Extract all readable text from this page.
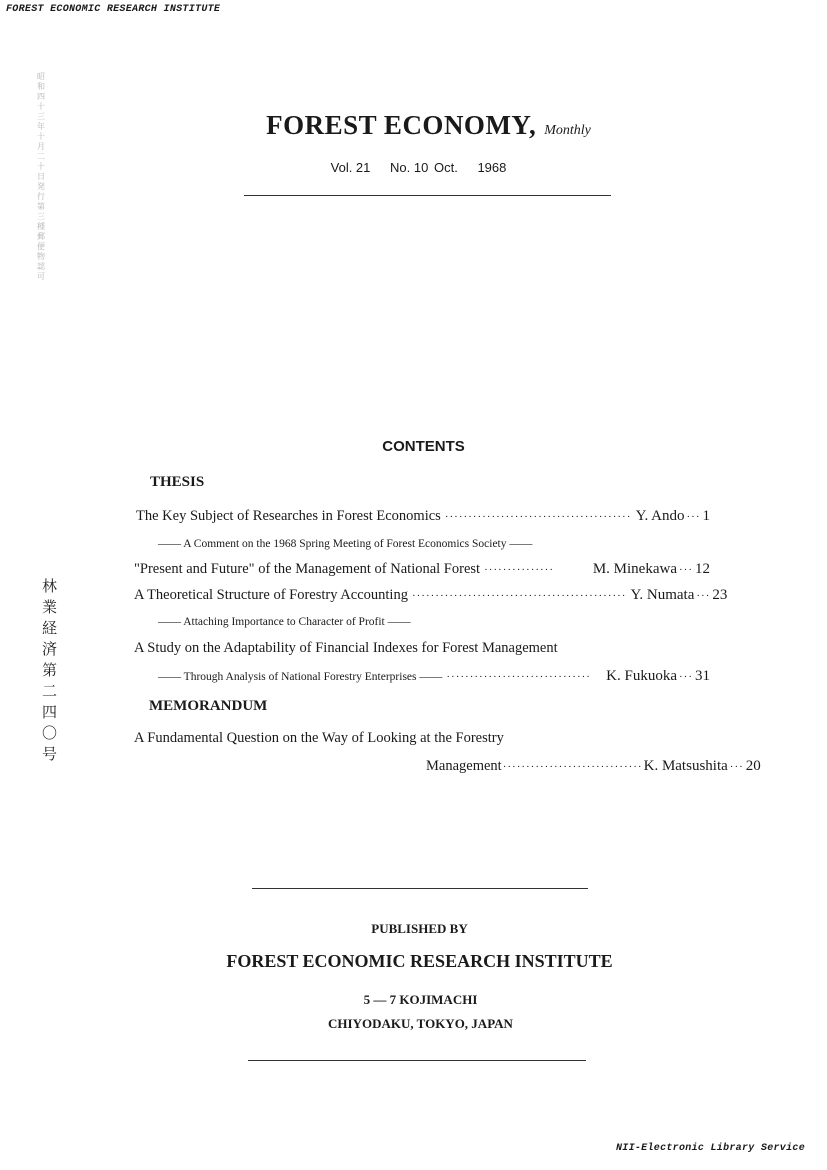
FOREST ECONOMIC RESEARCH INSTITUTE
昭
和
四
十
三
年
十
月
二
十
日
発
行
第
三
種
郵
便
物
認
可
林業経済第二四〇号
FOREST ECONOMY, Monthly
Vol. 21 No. 10 Oct. 1968
CONTENTS
THESIS
The Key Subject of Researches in Forest Economics ········································ Y. Ando ··· 1
—— A Comment on the 1968 Spring Meeting of Forest Economics Society ——
"Present and Future" of the Management of National Forest ···············	M. Minekawa ··· 12
A Theoretical Structure of Forestry Accounting ·············································· Y. Numata ··· 23
—— Attaching Importance to Character of Profit ——
A Study on the Adaptability of Financial Indexes for Forest Management
—— Through Analysis of National Forestry Enterprises —— ·······························	K. Fukuoka ··· 31
MEMORANDUM
A Fundamental Question on the Way of Looking at the Forestry
Management ······························ K. Matsushita ··· 20
PUBLISHED BY
FOREST ECONOMIC RESEARCH INSTITUTE
5 — 7 KOJIMACHI
CHIYODAKU, TOKYO, JAPAN
NII-Electronic Library Service
